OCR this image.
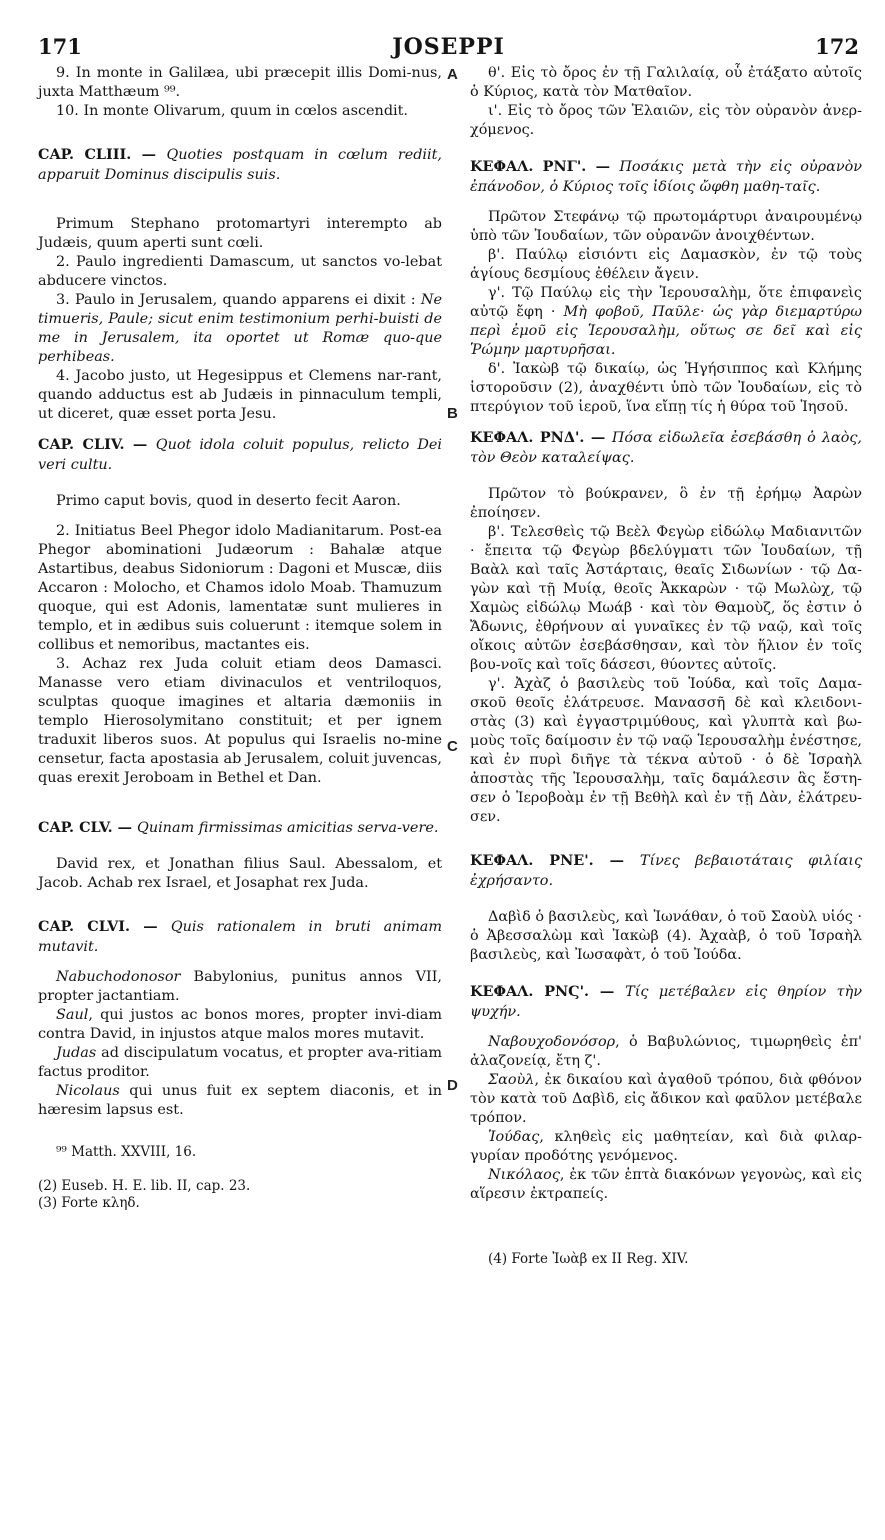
171	JOSEPPI	172
A
B
C
D

9. In monte in Galilæa, ubi præcepit illis Domi-nus, juxta Matthæum ⁹⁹.

10. In monte Olivarum, quum in cœlos ascendit.

CAP. CLIII. — Quoties postquam in cœlum rediit, apparuit Dominus discipulis suis.

Primum Stephano protomartyri interempto ab Judæis, quum aperti sunt cœli.

2. Paulo ingredienti Damascum, ut sanctos vo-lebat abducere vinctos.

3. Paulo in Jerusalem, quando apparens ei dixit : Ne timueris, Paule; sicut enim testimonium perhi-buisti de me in Jerusalem, ita oportet ut Romæ quo-que perhibeas.

4. Jacobo justo, ut Hegesippus et Clemens nar-rant, quando adductus est ab Judæis in pinnaculum templi, ut diceret, quæ esset porta Jesu.

CAP. CLIV. — Quot idola coluit populus, relicto Dei veri cultu.

Primo caput bovis, quod in deserto fecit Aaron.

2. Initiatus Beel Phegor idolo Madianitarum. Post-ea Phegor abominationi Judæorum : Bahalæ atque Astartibus, deabus Sidoniorum : Dagoni et Muscæ, diis Accaron : Molocho, et Chamos idolo Moab. Thamuzum quoque, qui est Adonis, lamentatæ sunt mulieres in templo, et in ædibus suis coluerunt : itemque solem in collibus et nemoribus, mactantes eis.

3. Achaz rex Juda coluit etiam deos Damasci. Manasse vero etiam divinaculos et ventriloquos, sculptas quoque imagines et altaria dæmoniis in templo Hierosolymitano constituit; et per ignem traduxit liberos suos. At populus qui Israelis no-mine censetur, facta apostasia ab Jerusalem, coluit juvencas, quas erexit Jeroboam in Bethel et Dan.

CAP. CLV. — Quinam firmissimas amicitias serva-vere.

David rex, et Jonathan filius Saul. Abessalom, et Jacob. Achab rex Israel, et Josaphat rex Juda.

CAP. CLVI. — Quis rationalem in bruti animam mutavit.

Nabuchodonosor Babylonius, punitus annos VII, propter jactantiam.

Saul, qui justos ac bonos mores, propter invi-diam contra David, in injustos atque malos mores mutavit.

Judas ad discipulatum vocatus, et propter ava-ritiam factus proditor.

Nicolaus qui unus fuit ex septem diaconis, et in hæresim lapsus est.

⁹⁹ Matth. XXVIII, 16.

(2) Euseb. H. E. lib. II, cap. 23.

(3) Forte κληδ.

θ'. Εἰς τὸ ὄρος ἐν τῇ Γαλιλαίᾳ, οὗ ἐτάξατο αὐτοῖς ὁ Κύριος, κατὰ τὸν Ματθαῖον.

ι'. Εἰς τὸ ὄρος τῶν Ἐλαιῶν, εἰς τὸν οὐρανὸν ἀνερ-χόμενος.

ΚΕΦΑΛ. ΡΝΓ'. — Ποσάκις μετὰ τὴν εἰς οὐρανὸν ἐπάνοδον, ὁ Κύριος τοῖς ἰδίοις ὤφθη μαθη-ταῖς.

Πρῶτον Στεφάνῳ τῷ πρωτομάρτυρι ἀναιρουμένῳ ὑπὸ τῶν Ἰουδαίων, τῶν οὐρανῶν ἀνοιχθέντων.

β'. Παύλῳ εἰσιόντι εἰς Δαμασκὸν, ἐν τῷ τοὺς ἁγίους δεσμίους ἐθέλειν ἄγειν.

γ'. Τῷ Παύλῳ εἰς τὴν Ἱερουσαλὴμ, ὅτε ἐπιφανεὶς αὐτῷ ἔφη · Μὴ φοβοῦ, Παῦλε· ὡς γὰρ διεμαρτύρω περὶ ἐμοῦ εἰς Ἱερουσαλὴμ, οὕτως σε δεῖ καὶ εἰς Ῥώμην μαρτυρῆσαι.

δ'. Ἰακὼβ τῷ δικαίῳ, ὡς Ἡγήσιππος καὶ Κλήμης ἱστοροῦσιν (2), ἀναχθέντι ὑπὸ τῶν Ἰουδαίων, εἰς τὸ πτερύγιον τοῦ ἱεροῦ, ἵνα εἴπῃ τίς ἡ θύρα τοῦ Ἰησοῦ.

ΚΕΦΑΛ. ΡΝΔ'. — Πόσα εἰδωλεῖα ἐσεβάσθη ὁ λαὸς, τὸν Θεὸν καταλείψας.

Πρῶτον τὸ βούκρανεν, ὃ ἐν τῇ ἐρήμῳ Ἀαρὼν ἐποίησεν.

β'. Τελεσθεὶς τῷ Βεὲλ Φεγὼρ εἰδώλῳ Μαδιανιτῶν · ἔπειτα τῷ Φεγὼρ βδελύγματι τῶν Ἰουδαίων, τῇ Βαὰλ καὶ ταῖς Ἀστάρταις, θεαῖς Σιδωνίων · τῷ Δα-γὼν καὶ τῇ Μυίᾳ, θεοῖς Ἀκκαρὼν · τῷ Μωλὼχ, τῷ Χαμὼς εἰδώλῳ Μωάβ · καὶ τὸν Θαμοὺζ, ὅς ἐστιν ὁ Ἄδωνις, ἐθρήνουν αἱ γυναῖκες ἐν τῷ ναῷ, καὶ τοῖς οἴκοις αὐτῶν ἐσεβάσθησαν, καὶ τὸν ἥλιον ἐν τοῖς βου-νοῖς καὶ τοῖς δάσεσι, θύοντες αὐτοῖς.

γ'. Ἀχὰζ ὁ βασιλεὺς τοῦ Ἰούδα, καὶ τοῖς Δαμα-σκοῦ θεοῖς ἐλάτρευσε. Μανασσῆ δὲ καὶ κλειδονι-στὰς (3) καὶ ἐγγαστριμύθους, καὶ γλυπτὰ καὶ βω-μοὺς τοῖς δαίμοσιν ἐν τῷ ναῷ Ἱερουσαλὴμ ἐνέστησε, καὶ ἐν πυρὶ διῆγε τὰ τέκνα αὐτοῦ · ὁ δὲ Ἰσραὴλ ἀποστὰς τῆς Ἱερουσαλὴμ, ταῖς δαμάλεσιν ἃς ἔστη-σεν ὁ Ἱεροβοὰμ ἐν τῇ Βεθὴλ καὶ ἐν τῇ Δὰν, ἐλάτρευ-σεν.

ΚΕΦΑΛ. ΡΝΕ'. — Τίνες βεβαιοτάταις φιλίαις ἐχρήσαντο.

Δαβὶδ ὁ βασιλεὺς, καὶ Ἰωνάθαν, ὁ τοῦ Σαοὺλ υἱός · ὁ Ἀβεσσαλὼμ καὶ Ἰακὼβ (4). Ἀχαὰβ, ὁ τοῦ Ἰσραὴλ βασιλεὺς, καὶ Ἰωσαφὰτ, ὁ τοῦ Ἰούδα.

ΚΕΦΑΛ. ΡΝϚ'. — Τίς μετέβαλεν εἰς θηρίον τὴν ψυχήν.

Ναβουχοδονόσορ, ὁ Βαβυλώνιος, τιμωρηθεὶς ἐπ' ἀλαζονείᾳ, ἔτη ζ'.

Σαοὺλ, ἐκ δικαίου καὶ ἀγαθοῦ τρόπου, διὰ φθόνον τὸν κατὰ τοῦ Δαβὶδ, εἰς ἄδικον καὶ φαῦλον μετέβαλε τρόπον.

Ἰούδας, κληθεὶς εἰς μαθητείαν, καὶ διὰ φιλαρ-γυρίαν προδότης γενόμενος.

Νικόλαος, ἐκ τῶν ἑπτὰ διακόνων γεγονὼς, καὶ εἰς αἵρεσιν ἐκτραπείς.

(4) Forte Ἰωὰβ ex II Reg. XIV.
